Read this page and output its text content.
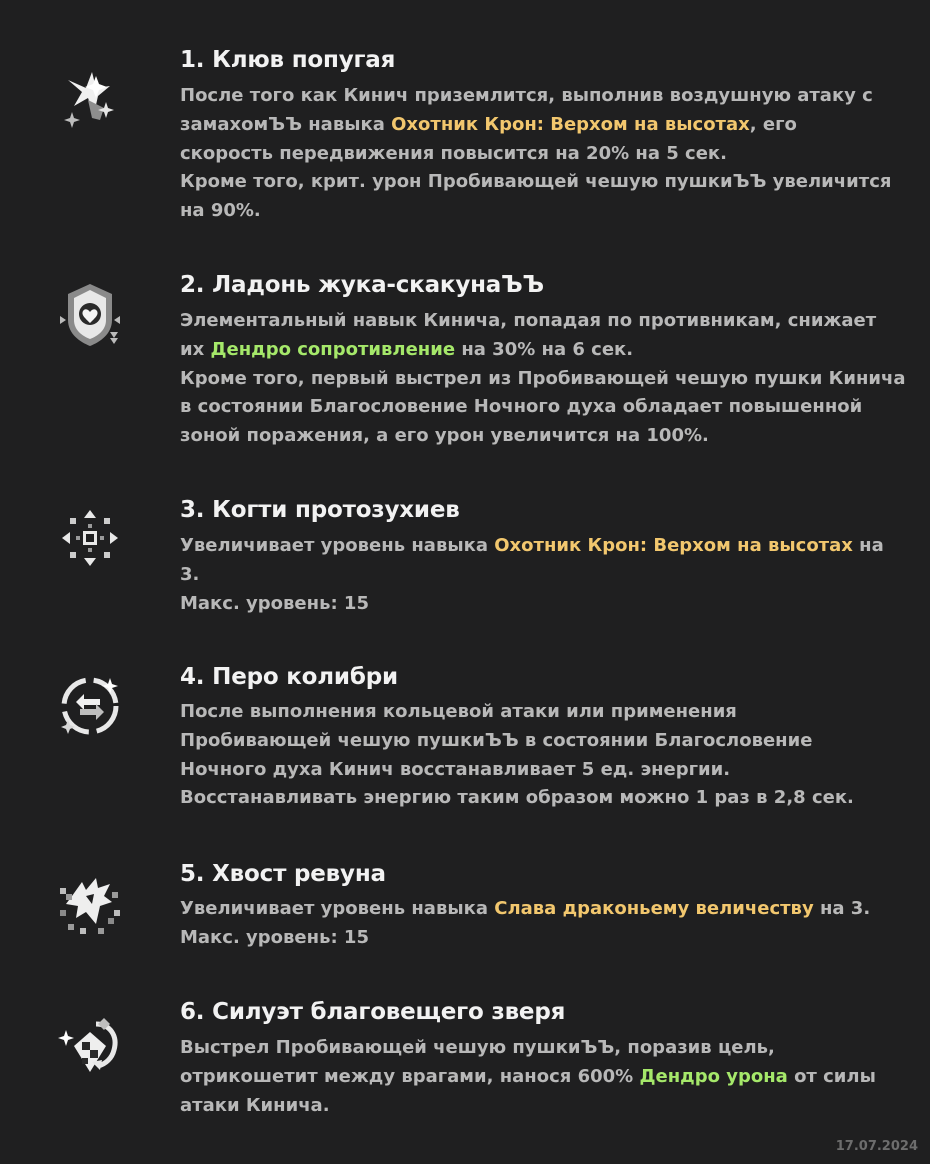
1. Клюв попугая
После того как Кинич приземлится, выполнив воздушную атаку с
замахомЪЪ навыка Охотник Крон: Верхом на высотах, его
скорость передвижения повысится на 20% на 5 сек.
Кроме того, крит. урон Пробивающей чешую пушкиЪЪ увеличится
на 90%.
2. Ладонь жука-скакунаЪЪ
Элементальный навык Кинича, попадая по противникам, снижает
их Дендро сопротивление на 30% на 6 сек.
Кроме того, первый выстрел из Пробивающей чешую пушки Кинича
в состоянии Благословение Ночного духа обладает повышенной
зоной поражения, а его урон увеличится на 100%.
3. Когти протозухиев
Увеличивает уровень навыка Охотник Крон: Верхом на высотах на
3.
Макс. уровень: 15
4. Перо колибри
После выполнения кольцевой атаки или применения
Пробивающей чешую пушкиЪЪ в состоянии Благословение
Ночного духа Кинич восстанавливает 5 ед. энергии.
Восстанавливать энергию таким образом можно 1 раз в 2,8 сек.
5. Хвост ревуна
Увеличивает уровень навыка Слава драконьему величеству на 3.
Макс. уровень: 15
6. Силуэт благовещего зверя
Выстрел Пробивающей чешую пушкиЪЪ, поразив цель,
отрикошетит между врагами, нанося 600% Дендро урона от силы
атаки Кинича.
17.07.2024
